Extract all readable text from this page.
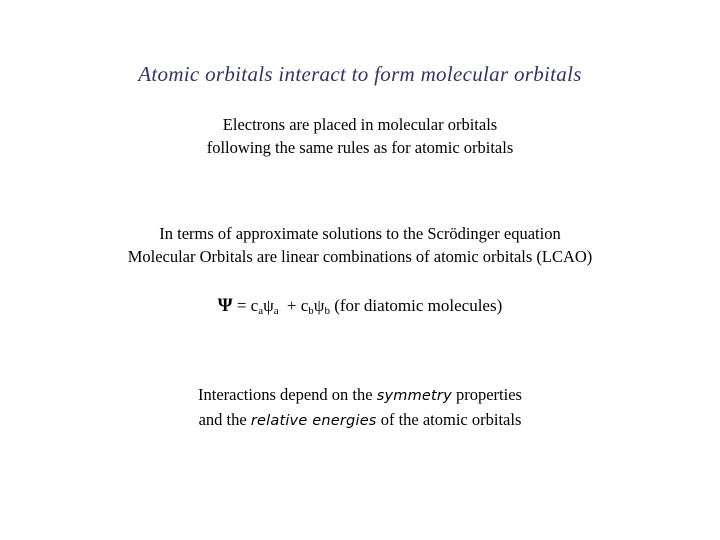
Atomic orbitals interact to form molecular orbitals
Electrons are placed in molecular orbitals
following the same rules as for atomic orbitals
In terms of approximate solutions to the Scrödinger equation
Molecular Orbitals are linear combinations of atomic orbitals (LCAO)
$\Psi = c_a\psi_a + c_b\psi_b$ (for diatomic molecules)
Interactions depend on the symmetry properties
and the relative energies of the atomic orbitals
